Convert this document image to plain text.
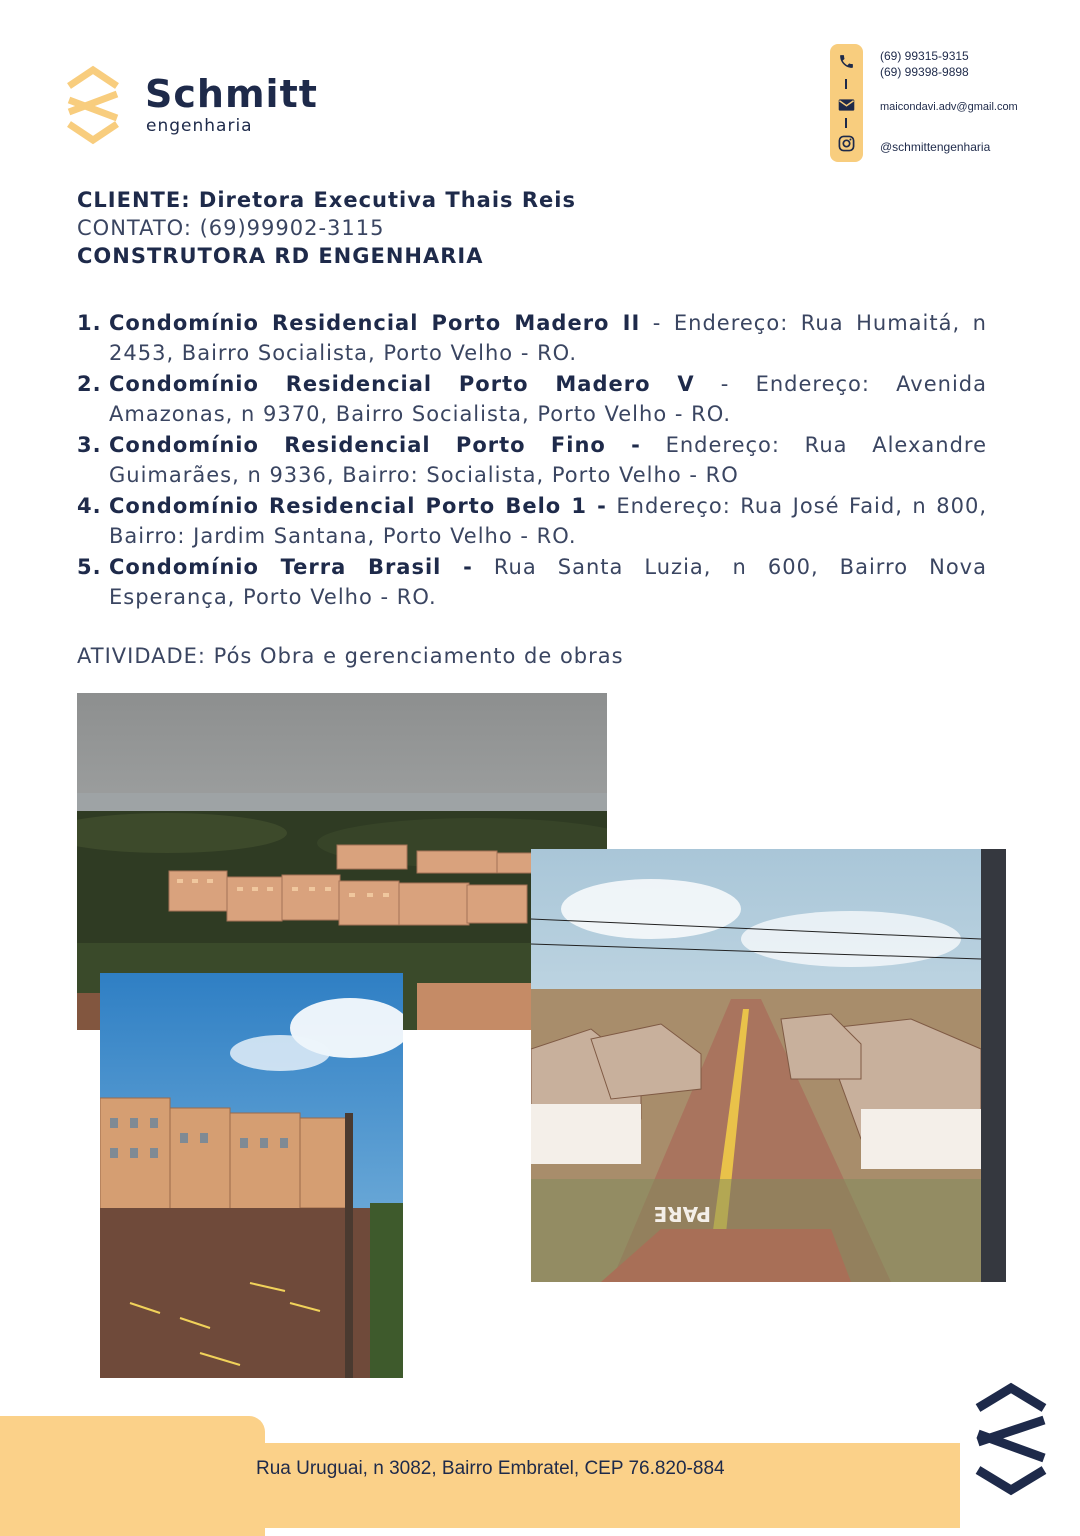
Schmitt
engenharia
(69) 99315-9315
(69) 99398-9898
maicondavi.adv@gmail.com
@schmittengenharia
CLIENTE: Diretora Executiva Thais Reis
CONTATO: (69)99902-3115
CONSTRUTORA RD ENGENHARIA
1. Condomínio Residencial Porto Madero II - Endereço: Rua Humaitá, n 2453, Bairro Socialista, Porto Velho - RO.
2. Condomínio Residencial Porto Madero V - Endereço: Avenida Amazonas, n 9370, Bairro Socialista, Porto Velho - RO.
3. Condomínio Residencial Porto Fino - Endereço: Rua Alexandre Guimarães, n 9336, Bairro: Socialista, Porto Velho - RO
4. Condomínio Residencial Porto Belo 1 - Endereço: Rua José Faid, n 800, Bairro: Jardim Santana, Porto Velho - RO.
5. Condomínio Terra Brasil - Rua Santa Luzia, n 600, Bairro Nova Esperança, Porto Velho - RO.
ATIVIDADE: Pós Obra e gerenciamento de obras
PARE
Rua Uruguai, n 3082, Bairro Embratel, CEP 76.820-884
